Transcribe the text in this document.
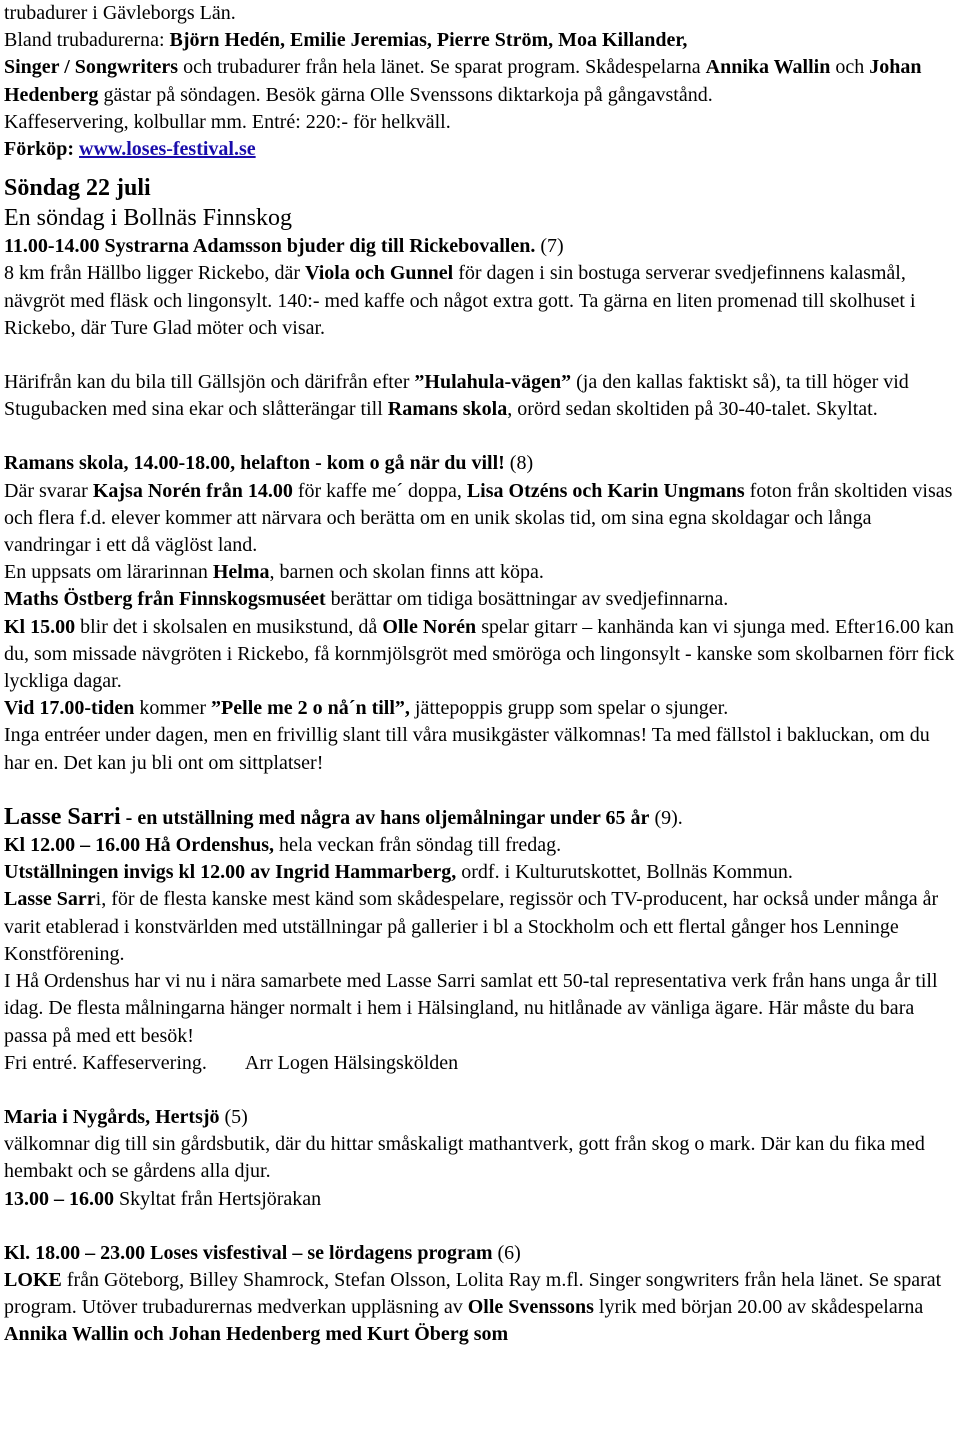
trubadurer i Gävleborgs Län.

Bland trubadurerna: Björn Hedén, Emilie Jeremias, Pierre Ström, Moa Killander,
Singer / Songwriters och trubadurer från hela länet. Se sparat program. Skådespelarna Annika Wallin och Johan Hedenberg gästar på söndagen. Besök gärna Olle Svenssons diktarkoja på gångavstånd.
Kaffeservering, kolbullar mm. Entré: 220:- för helkväll.
Förköp: www.loses-festival.se

Söndag 22 juli

En söndag i Bollnäs Finnskog

11.00-14.00 Systrarna Adamsson bjuder dig till Rickebovallen. (7)
8 km från Hällbo ligger Rickebo, där Viola och Gunnel för dagen i sin bostuga serverar svedjefinnens kalasmål, nävgröt med fläsk och lingonsylt. 140:- med kaffe och något extra gott. Ta gärna en liten promenad till skolhuset i Rickebo, där Ture Glad möter och visar.

Härifrån kan du bila till Gällsjön och därifrån efter ”Hulahula-vägen” (ja den kallas faktiskt så), ta till höger vid Stugubacken med sina ekar och slåtterängar till Ramans skola, orörd sedan skoltiden på 30-40-talet. Skyltat.

Ramans skola, 14.00-18.00, helafton - kom o gå när du vill! (8)
Där svarar Kajsa Norén från 14.00 för kaffe me´ doppa, Lisa Otzéns och Karin Ungmans foton från skoltiden visas och flera f.d. elever kommer att närvara och berätta om en unik skolas tid, om sina egna skoldagar och långa vandringar i ett då väglöst land.
En uppsats om lärarinnan Helma, barnen och skolan finns att köpa.
Maths Östberg från Finnskogsmuséet berättar om tidiga bosättningar av svedjefinnarna.
Kl 15.00 blir det i skolsalen en musikstund, då Olle Norén spelar gitarr – kanhända kan vi sjunga med. Efter16.00 kan du, som missade nävgröten i Rickebo, få kornmjölsgröt med smöröga och lingonsylt - kanske som skolbarnen förr fick lyckliga dagar.
Vid 17.00-tiden kommer ”Pelle me 2 o nå´n till”, jättepoppis grupp som spelar o sjunger.
Inga entréer under dagen, men en frivillig slant till våra musikgäster välkomnas! Ta med fällstol i bakluckan, om du har en. Det kan ju bli ont om sittplatser!

Lasse Sarri - en utställning med några av hans oljemålningar under 65 år (9).
Kl 12.00 – 16.00 Hå Ordenshus, hela veckan från söndag till fredag.
Utställningen invigs kl 12.00 av Ingrid Hammarberg, ordf. i Kulturutskottet, Bollnäs Kommun.
Lasse Sarri, för de flesta kanske mest känd som skådespelare, regissör och TV-producent, har också under många år varit etablerad i konstvärlden med utställningar på gallerier i bl a Stockholm och ett flertal gånger hos Lenninge Konstförening.
I Hå Ordenshus har vi nu i nära samarbete med Lasse Sarri samlat ett 50-tal representativa verk från hans unga år till idag. De flesta målningarna hänger normalt i hem i Hälsingland, nu hitlånade av vänliga ägare. Här måste du bara passa på med ett besök!
Fri entré. Kaffeservering. Arr Logen Hälsingskölden

Maria i Nygårds, Hertsjö (5)
välkomnar dig till sin gårdsbutik, där du hittar småskaligt mathantverk, gott från skog o mark. Där kan du fika med hembakt och se gårdens alla djur.
13.00 – 16.00 Skyltat från Hertsjörakan

Kl. 18.00 – 23.00 Loses visfestival – se lördagens program (6)
LOKE från Göteborg, Billey Shamrock, Stefan Olsson, Lolita Ray m.fl. Singer songwriters från hela länet. Se sparat program. Utöver trubadurernas medverkan uppläsning av Olle Svenssons lyrik med början 20.00 av skådespelarna Annika Wallin och Johan Hedenberg med Kurt Öberg som
